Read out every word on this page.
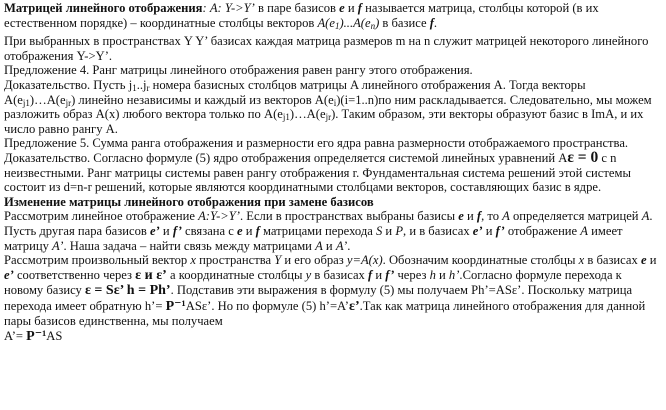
Матрицей линейного отображения: A: Y->Y’ в паре базисов e и f называется матрица, столбцы которой (в их естественном порядке) – координатные столбцы векторов $A(e_1)...A(e_n)$ в базисе f.

При выбранных в пространствах Y Y’ базисах каждая матрица размеров m на n служит матрицей некоторого линейного отображения Y->Y’.

Предложение 4. Ранг матрицы линейного отображения равен рангу этого отображения.

Доказательство. Пусть $j_1..j_r$ номера базисных столбцов матрицы A линейного отображения A. Тогда векторы
$A(e_{j1})\dots A(e_{jr})$ линейно независимы и каждый из векторов $A(e_i)(i=1..n)по$ ним раскладывается. Следовательно, мы можем разложить образ A(x) любого вектора только по $A(e_{j1})\dots A(e_{jr})$. Таким образом, эти векторы образуют базис в ImA, и их число равно рангу A.

Предложение 5. Сумма ранга отображения и размерности его ядра равна размерности отображаемого пространства.

Доказательство. Согласно формуле (5) ядро отображения определяется системой линейных уравнений Aε = 0 с n неизвестными. Ранг матрицы системы равен рангу отображения r. Фундаментальная система решений этой системы состоит из d=n-r решений, которые являются координатными столбцами векторов, составляющих базис в ядре.

Изменение матрицы линейного отображения при замене базисов

Рассмотрим линейное отображение A:Y->Y’. Если в пространствах выбраны базисы e и f, то A определяется матрицей A. Пусть другая пара базисов e’ и f’ связана с e и f матрицами перехода S и P, и в базисах e’ и f’ отображение A имеет матрицу A’. Наша задача – найти связь между матрицами A и A’.

Рассмотрим произвольный вектор x пространства Y и его образ y=A(x). Обозначим координатные столбцы x в базисах e и e’ соответственно через ε и ε’ а координатные столбцы y в базисах f и f’ через h и h’.Согласно формуле перехода к новому базису ε = Sε’ h = Ph’. Подставив эти выражения в формулу (5) мы получаем Ph’=ASε’. Поскольку матрица перехода имеет обратную h’= P⁻¹ASε’. Но по формуле (5) h’=A’ε’.Так как матрица линейного отображения для данной пары базисов единственна, мы получаем

A’= P⁻¹AS
